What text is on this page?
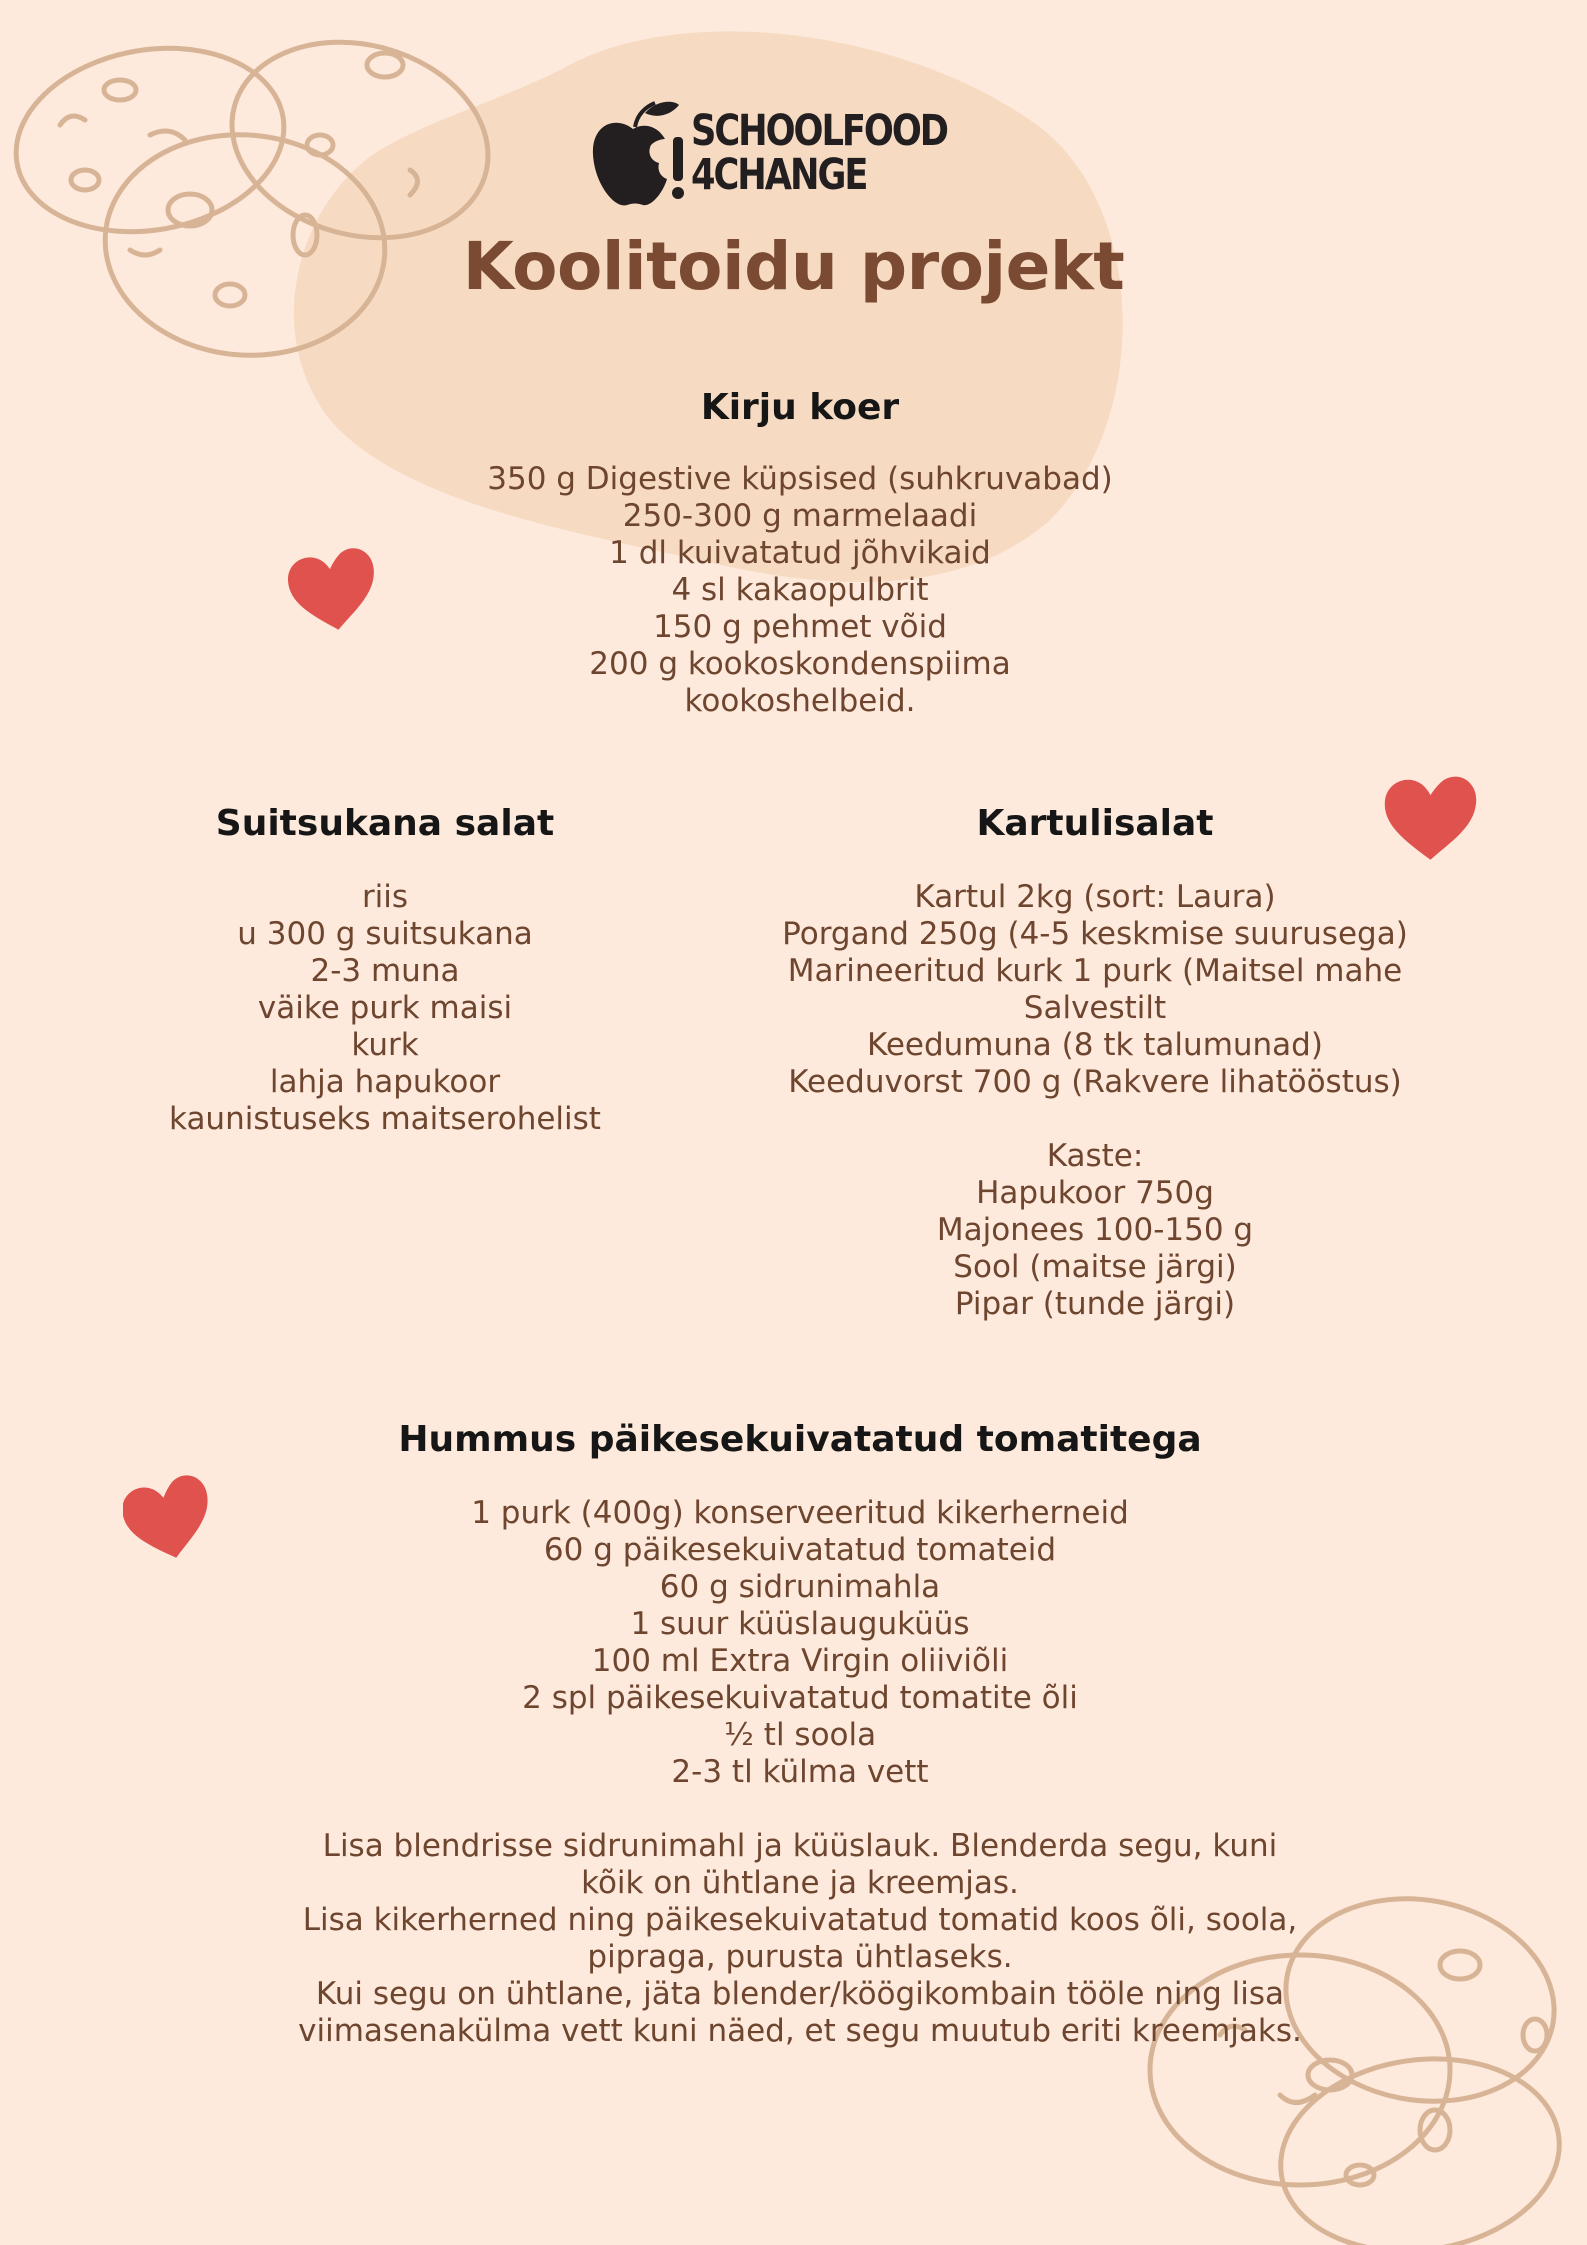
SCHOOLFOOD
4CHANGE
Koolitoidu projekt
Kirju koer
350 g Digestive küpsised (suhkruvabad)
250-300 g marmelaadi
1 dl kuivatatud jõhvikaid
4 sl kakaopulbrit
150 g pehmet võid
200 g kookoskondenspiima
kookoshelbeid.
Suitsukana salat
riis
u 300 g suitsukana
2-3 muna
väike purk maisi
kurk
lahja hapukoor
kaunistuseks maitserohelist
Kartulisalat
Kartul 2kg (sort: Laura)
Porgand 250g (4-5 keskmise suurusega)
Marineeritud kurk 1 purk (Maitsel mahe
Salvestilt
Keedumuna (8 tk talumunad)
Keeduvorst 700 g (Rakvere lihatööstus)
Kaste:
Hapukoor 750g
Majonees 100-150 g
Sool (maitse järgi)
Pipar (tunde järgi)
Hummus päikesekuivatatud tomatitega
1 purk (400g) konserveeritud kikerherneid
60 g päikesekuivatatud tomateid
60 g sidrunimahla
1 suur küüslauguküüs
100 ml Extra Virgin oliiviõli
2 spl päikesekuivatatud tomatite õli
½ tl soola
2-3 tl külma vett
Lisa blendrisse sidrunimahl ja küüslauk. Blenderda segu, kuni
kõik on ühtlane ja kreemjas.
Lisa kikerherned ning päikesekuivatatud tomatid koos õli, soola,
pipraga, purusta ühtlaseks.
Kui segu on ühtlane, jäta blender/köögikombain tööle ning lisa
viimasenakülma vett kuni näed, et segu muutub eriti kreemjaks.
